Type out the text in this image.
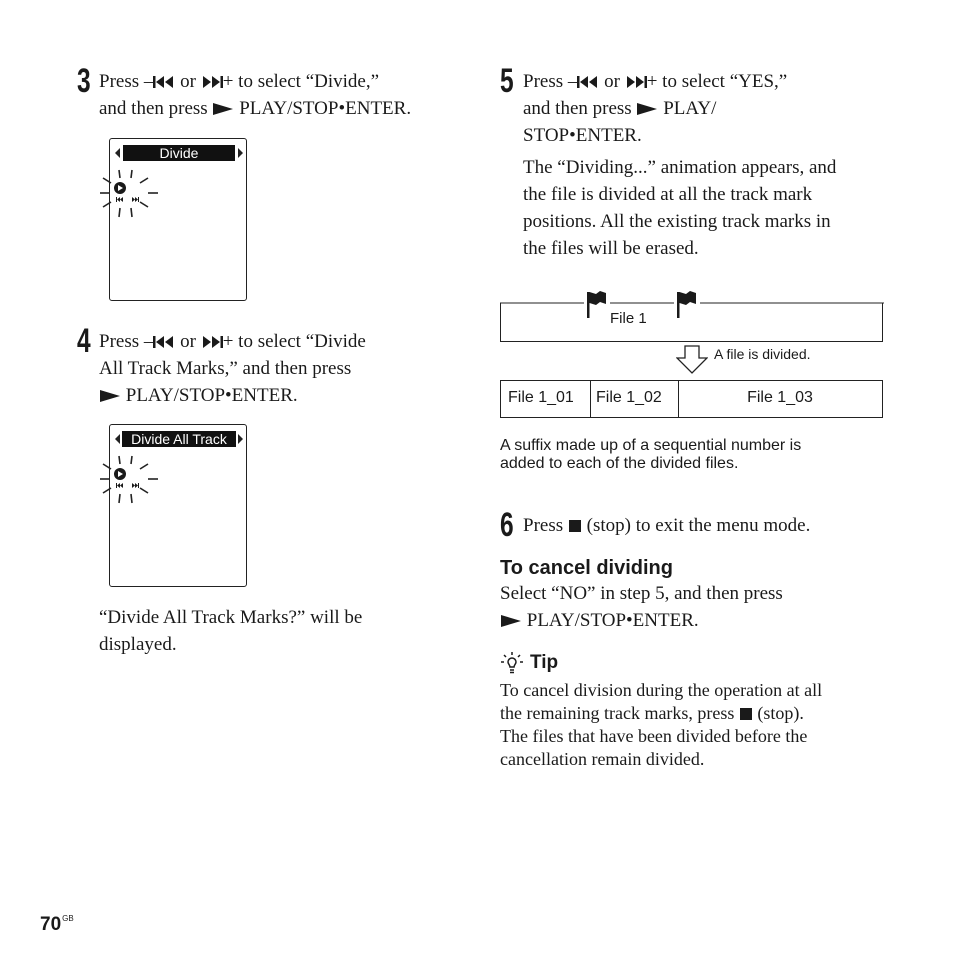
3 Press – or + to select “Divide,”
and then press  PLAY/STOP•ENTER.
Divide
4 Press – or + to select “Divide
All Track Marks,” and then press
PLAY/STOP•ENTER.
Divide All Track
“Divide All Track Marks?” will be
displayed.
5 Press – or + to select “YES,”
and then press  PLAY/
STOP•ENTER.
The “Dividing...” animation appears, and
the file is divided at all the track mark
positions. All the existing track marks in
the files will be erased.
File 1
A file is divided.
File 1_01 File 1_02	File 1_03
A suffix made up of a sequential number is
added to each of the divided files.
6 Press  (stop) to exit the menu mode.
To cancel dividing
Select “NO” in step 5, and then press
PLAY/STOP•ENTER.
Tip
To cancel division during the operation at all
the remaining track marks, press  (stop).
The files that have been divided before the
cancellation remain divided.
$70^{GB}$
